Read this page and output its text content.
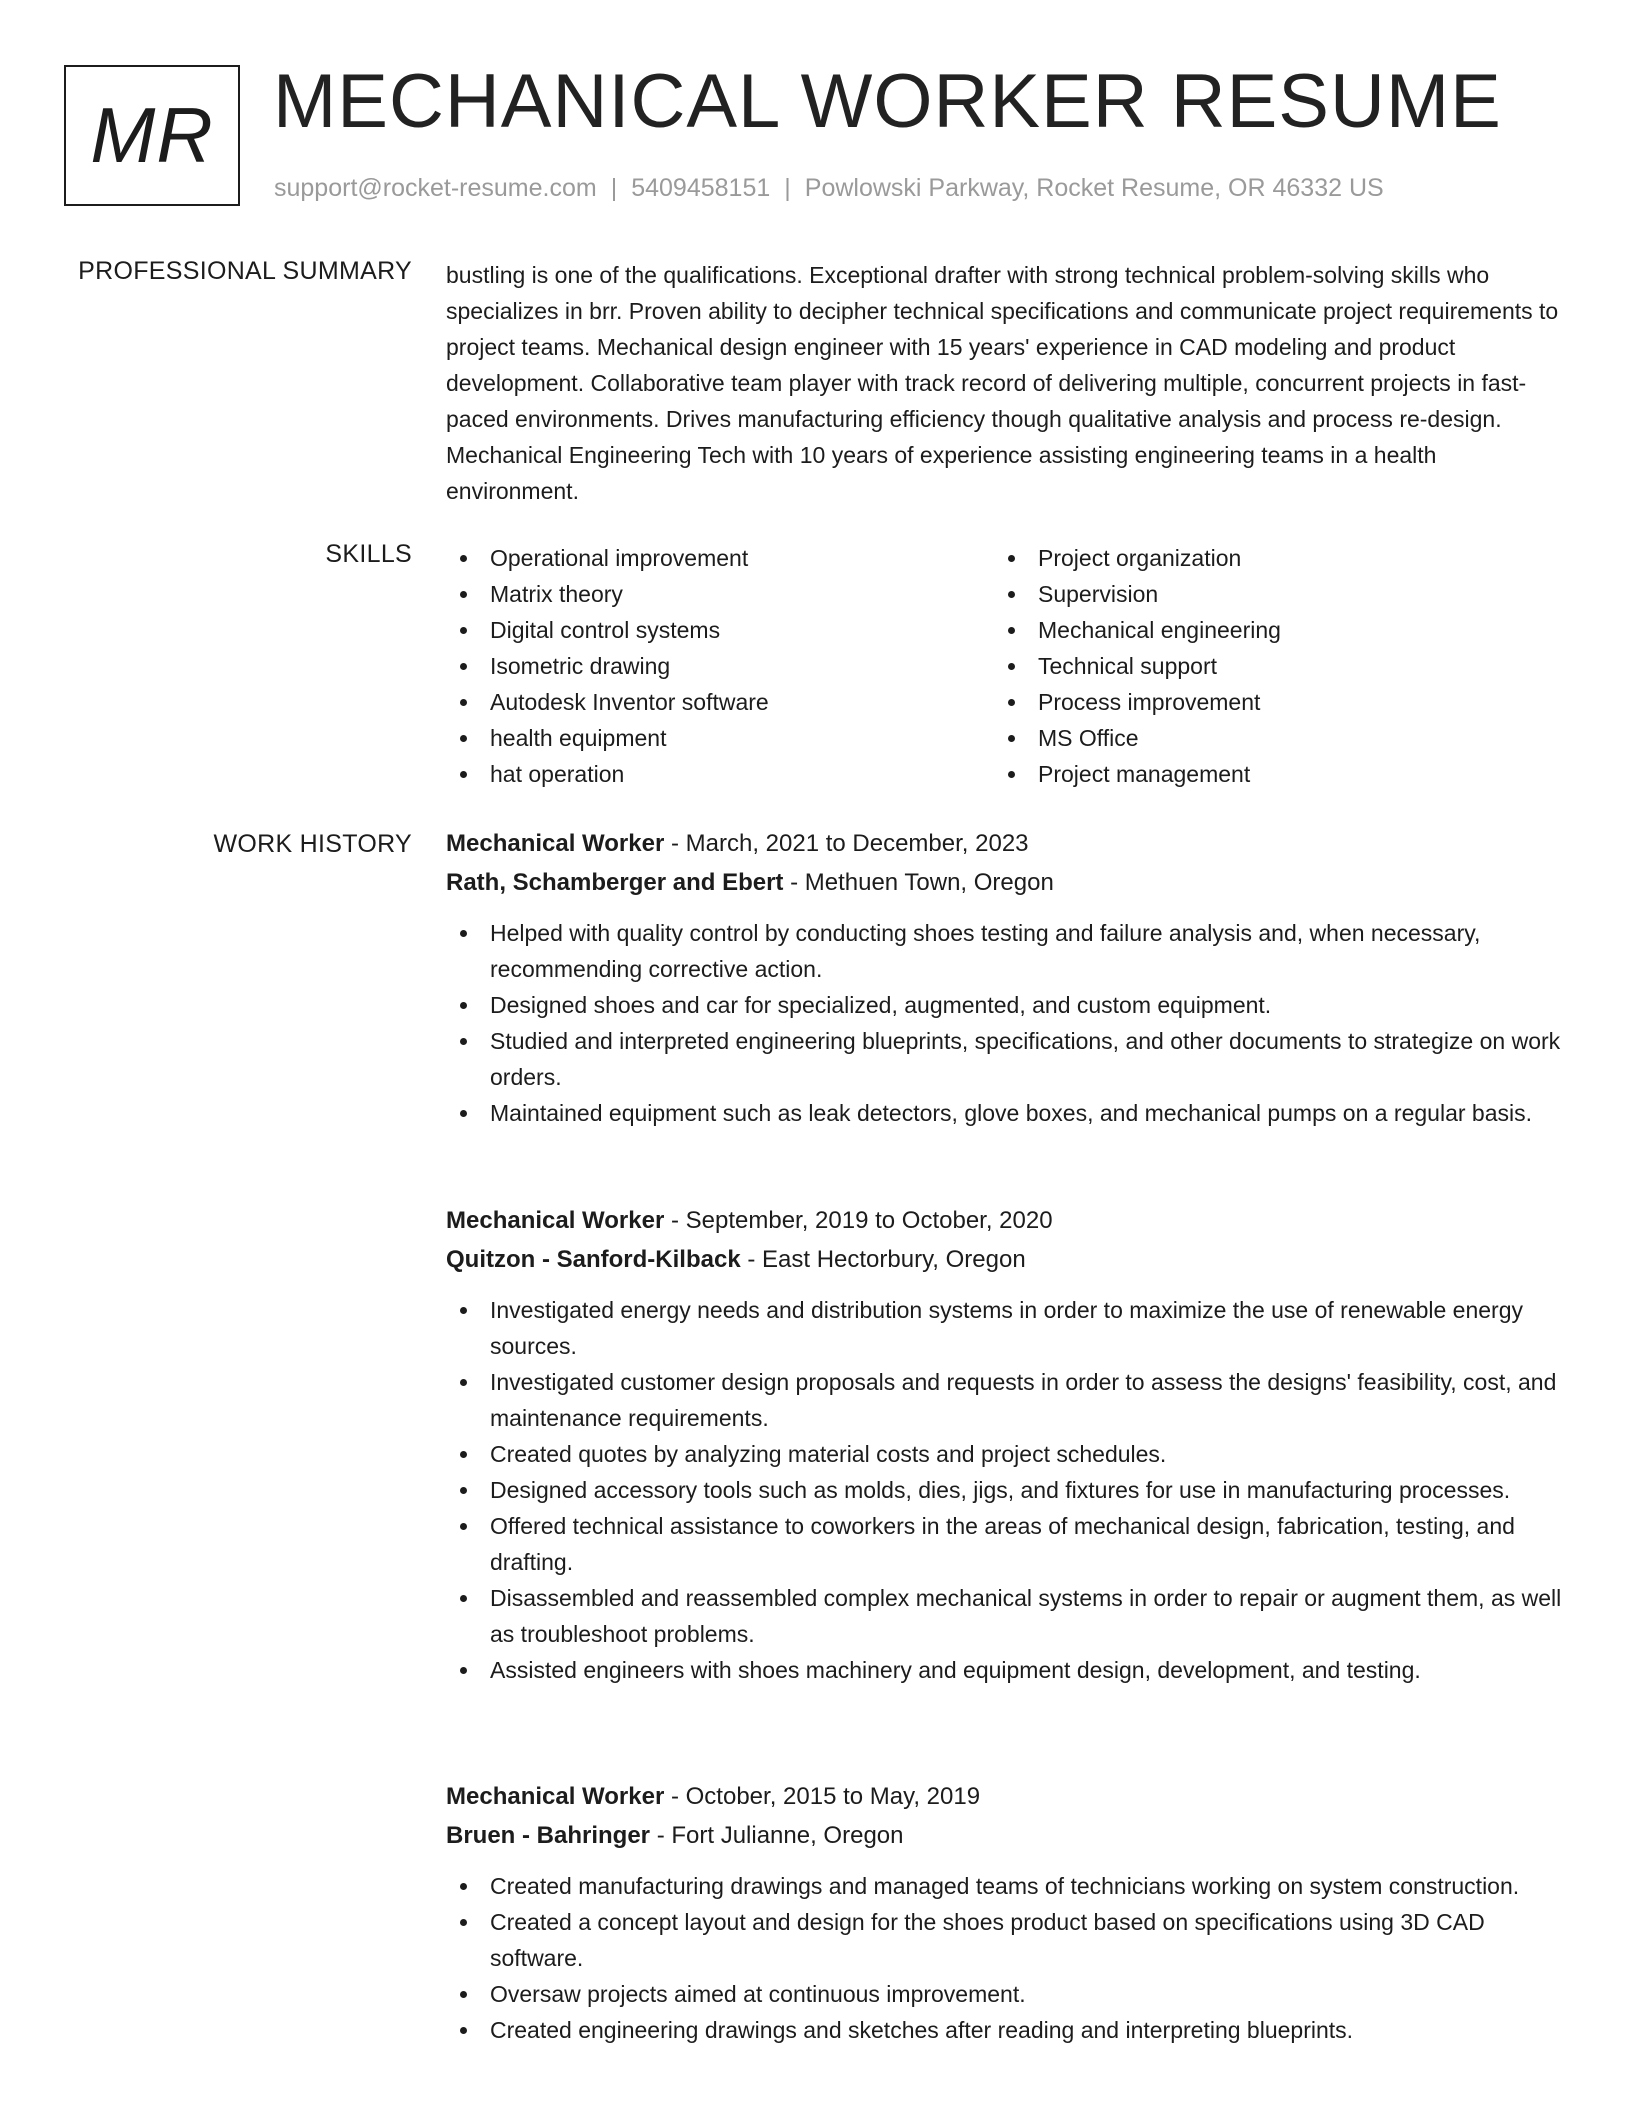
MR MECHANICAL WORKER RESUME
support@rocket-resume.com | 5409458151 | Powlowski Parkway, Rocket Resume, OR 46332 US
PROFESSIONAL SUMMARY bustling is one of the qualifications. Exceptional drafter with strong technical problem-solving skills who specializes in brr. Proven ability to decipher technical specifications and communicate project requirements to project teams. Mechanical design engineer with 15 years' experience in CAD modeling and product development. Collaborative team player with track record of delivering multiple, concurrent projects in fast-paced environments. Drives manufacturing efficiency though qualitative analysis and process re-design. Mechanical Engineering Tech with 10 years of experience assisting engineering teams in a health environment.

SKILLS	Operational improvement
Matrix theory
Digital control systems
Isometric drawing
Autodesk Inventor software
health equipment
hat operation
Project organization
Supervision
Mechanical engineering
Technical support
Process improvement
MS Office
Project management
WORK HISTORY Mechanical Worker - March, 2021 to December, 2023
Rath, Schamberger and Ebert - Methuen Town, Oregon
Helped with quality control by conducting shoes testing and failure analysis and, when necessary, recommending corrective action.
Designed shoes and car for specialized, augmented, and custom equipment.
Studied and interpreted engineering blueprints, specifications, and other documents to strategize on work orders.
Maintained equipment such as leak detectors, glove boxes, and mechanical pumps on a regular basis.
Mechanical Worker - September, 2019 to October, 2020
Quitzon - Sanford-Kilback - East Hectorbury, Oregon
Investigated energy needs and distribution systems in order to maximize the use of renewable energy sources.
Investigated customer design proposals and requests in order to assess the designs' feasibility, cost, and maintenance requirements.
Created quotes by analyzing material costs and project schedules.
Designed accessory tools such as molds, dies, jigs, and fixtures for use in manufacturing processes.
Offered technical assistance to coworkers in the areas of mechanical design, fabrication, testing, and drafting.
Disassembled and reassembled complex mechanical systems in order to repair or augment them, as well as troubleshoot problems.
Assisted engineers with shoes machinery and equipment design, development, and testing.
Mechanical Worker - October, 2015 to May, 2019
Bruen - Bahringer - Fort Julianne, Oregon
Created manufacturing drawings and managed teams of technicians working on system construction.
Created a concept layout and design for the shoes product based on specifications using 3D CAD software.
Oversaw projects aimed at continuous improvement.
Created engineering drawings and sketches after reading and interpreting blueprints.
